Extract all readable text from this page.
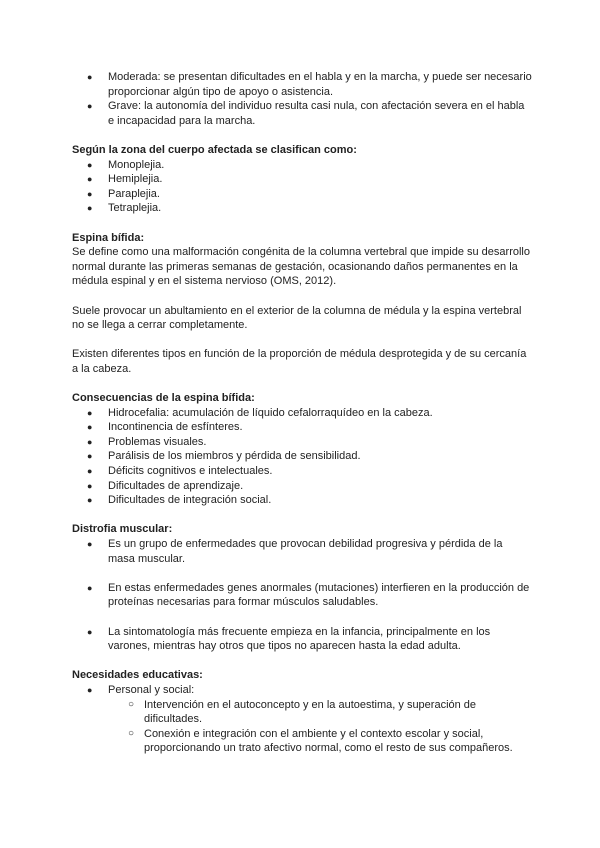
● Moderada: se presentan dificultades en el habla y en la marcha, y puede ser necesario proporcionar algún tipo de apoyo o asistencia.
● Grave: la autonomía del individuo resulta casi nula, con afectación severa en el habla e incapacidad para la marcha.
Según la zona del cuerpo afectada se clasifican como:
● Monoplejia.
● Hemiplejia.
● Paraplejia.
● Tetraplejia.
Espina bífida:

Se define como una malformación congénita de la columna vertebral que impide su desarrollo normal durante las primeras semanas de gestación, ocasionando daños permanentes en la médula espinal y en el sistema nervioso (OMS, 2012).

Suele provocar un abultamiento en el exterior de la columna de médula y la espina vertebral no se llega a cerrar completamente.

Existen diferentes tipos en función de la proporción de médula desprotegida y de su cercanía a la cabeza.

Consecuencias de la espina bífida:
● Hidrocefalia: acumulación de líquido cefalorraquídeo en la cabeza.
● Incontinencia de esfínteres.
● Problemas visuales.
● Parálisis de los miembros y pérdida de sensibilidad.
● Déficits cognitivos e intelectuales.
● Dificultades de aprendizaje.
● Dificultades de integración social.
Distrofia muscular:
● Es un grupo de enfermedades que provocan debilidad progresiva y pérdida de la masa muscular.
● En estas enfermedades genes anormales (mutaciones) interfieren en la producción de proteínas necesarias para formar músculos saludables.
● La sintomatología más frecuente empieza en la infancia, principalmente en los varones, mientras hay otros que tipos no aparecen hasta la edad adulta.
Necesidades educativas:
● Personal y social:
○ Intervención en el autoconcepto y en la autoestima, y superación de dificultades.
○ Conexión e integración con el ambiente y el contexto escolar y social, proporcionando un trato afectivo normal, como el resto de sus compañeros.
